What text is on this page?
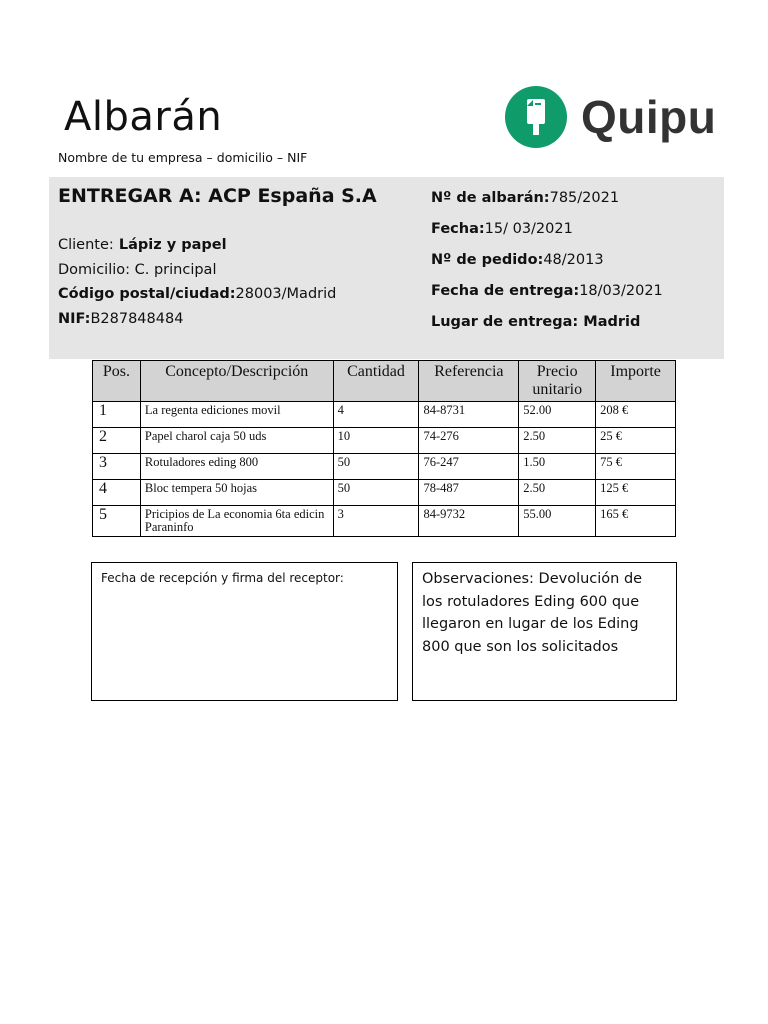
Albarán
Nombre de tu empresa – domicilio – NIF
Quipu
ENTREGAR A: ACP España S.A
Cliente: Lápiz y papel
Domicilio: C. principal
Código postal/ciudad:28003/Madrid
NIF:B287848484
Nº de albarán:785/2021
Fecha:15/ 03/2021
Nº de pedido:48/2013
Fecha de entrega:18/03/2021
Lugar de entrega: Madrid
Pos.	Concepto/Descripción	Cantidad	Referencia	Precio unitario	Importe
1	La regenta ediciones movil	4	84-8731	52.00	208 €
2	Papel charol caja 50 uds	10	74-276	2.50	25 €
3	Rotuladores eding 800	50	76-247	1.50	75 €
4	Bloc tempera 50 hojas	50	78-487	2.50	125 €
5	Pricipios de La economia 6ta edicin Paraninfo	3	84-9732	55.00	165 €
Fecha de recepción y firma del receptor:	Observaciones: Devolución de los rotuladores Eding 600 que llegaron en lugar de los Eding 800 que son los solicitados
